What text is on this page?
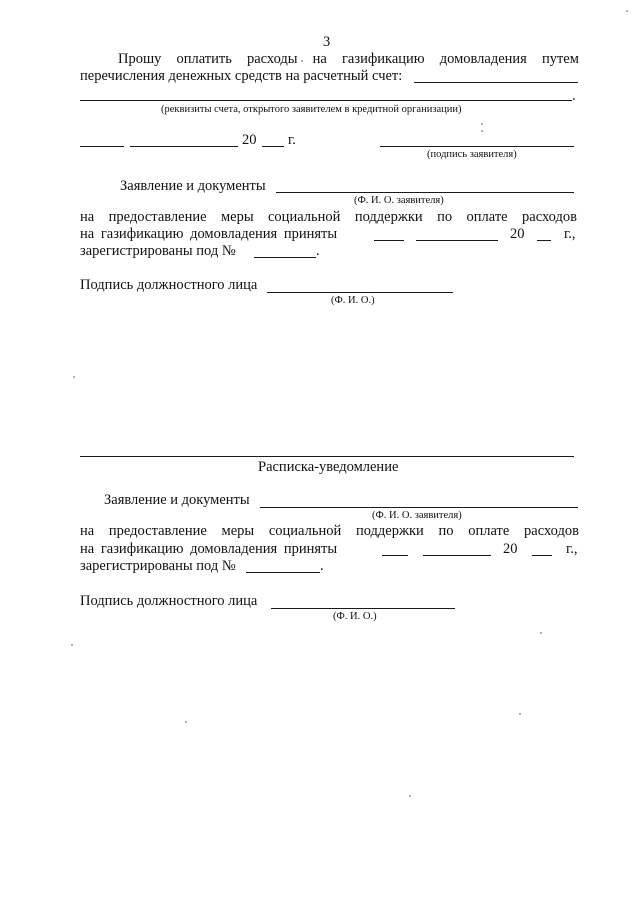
3
Прошу оплатить расходы на газификацию домовладения путем
перечисления денежных средств на расчетный счет:
.
(реквизиты счета, открытого заявителем в кредитной организации)
20 г.
(подпись заявителя)
Заявление и документы
(Ф. И. О. заявителя)
на предоставление меры социальной поддержки по оплате расходов
на газификацию домовладения приняты	20	г.,
зарегистрированы под №	.
Подпись должностного лица
(Ф. И. О.)
Расписка-уведомление
Заявление и документы
(Ф. И. О. заявителя)
на предоставление меры социальной поддержки по оплате расходов
на газификацию домовладения приняты	20	г.,
зарегистрированы под №	.
Подпись должностного лица
(Ф. И. О.)
